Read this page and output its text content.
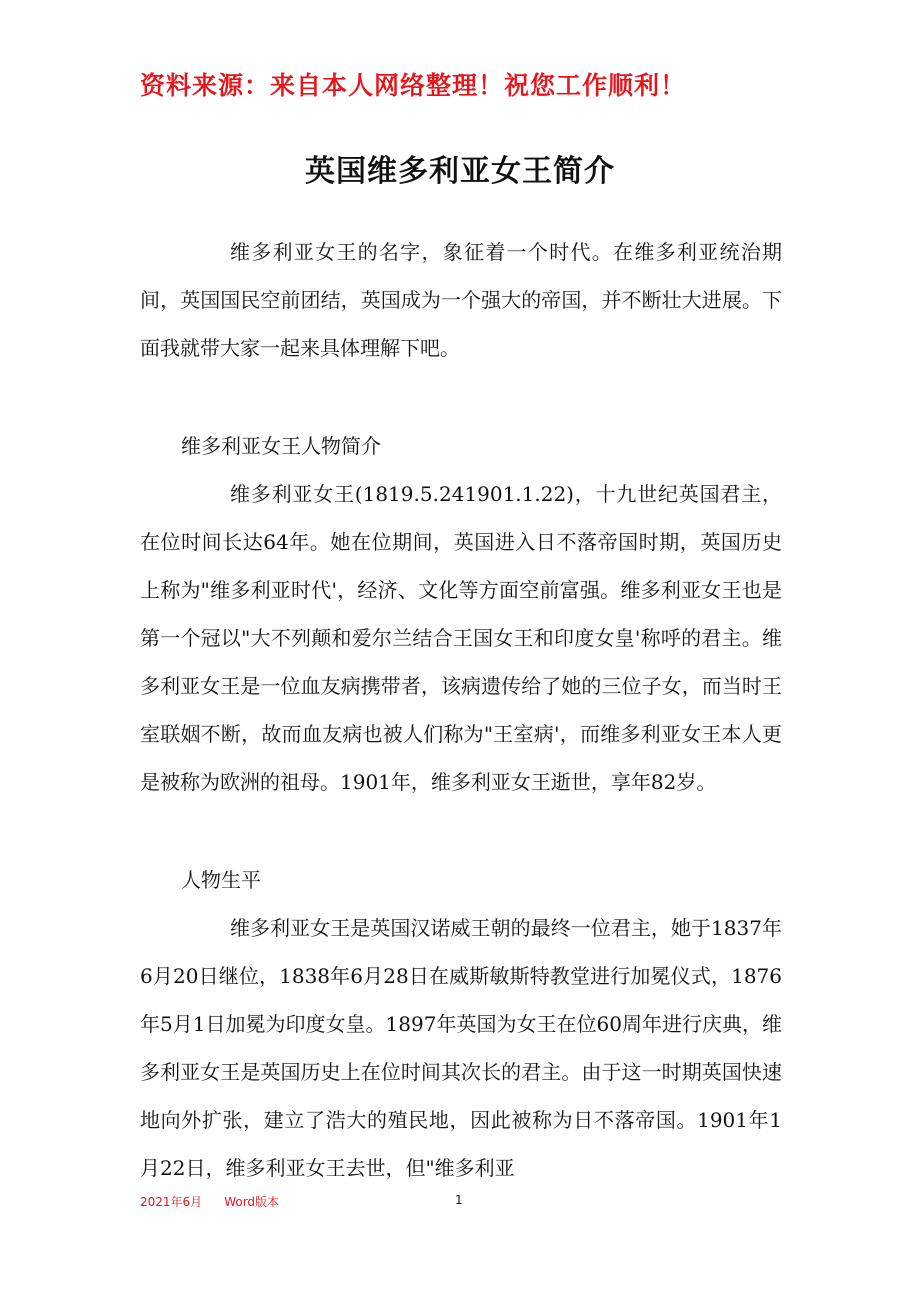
资料来源：来自本人网络整理！祝您工作顺利！
英国维多利亚女王简介

维多利亚女王的名字，象征着一个时代。在维多利亚统治期间，英国国民空前团结，英国成为一个强大的帝国，并不断壮大进展。下面我就带大家一起来具体理解下吧。

维多利亚女王人物简介

维多利亚女王(1819.5.241901.1.22)，十九世纪英国君主，在位时间长达64年。她在位期间，英国进入日不落帝国时期，英国历史上称为"维多利亚时代'，经济、文化等方面空前富强。维多利亚女王也是第一个冠以"大不列颠和爱尔兰结合王国女王和印度女皇'称呼的君主。维多利亚女王是一位血友病携带者，该病遗传给了她的三位子女，而当时王室联姻不断，故而血友病也被人们称为"王室病'，而维多利亚女王本人更是被称为欧洲的祖母。1901年，维多利亚女王逝世，享年82岁。

人物生平

维多利亚女王是英国汉诺威王朝的最终一位君主，她于1837年6月20日继位，1838年6月28日在威斯敏斯特教堂进行加冕仪式，1876年5月1日加冕为印度女皇。1897年英国为女王在位60周年进行庆典，维多利亚女王是英国历史上在位时间其次长的君主。由于这一时期英国快速地向外扩张，建立了浩大的殖民地，因此被称为日不落帝国。1901年1月22日，维多利亚女王去世，但"维多利亚

2021年6月 Word版本	1
